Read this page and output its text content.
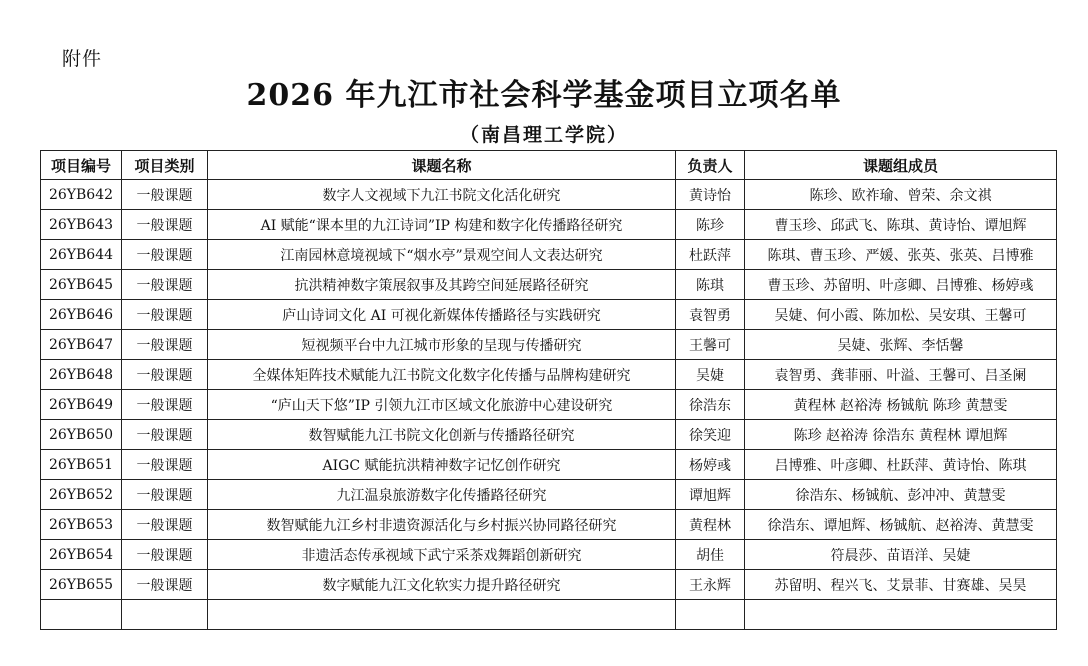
附件
2026 年九江市社会科学基金项目立项名单
（南昌理工学院）
项目编号	项目类别	课题名称	负责人	课题组成员
26YB642	一般课题	数字人文视域下九江书院文化活化研究	黄诗怡	陈珍、欧祚瑜、曾荣、余文祺
26YB643	一般课题	AI 赋能“课本里的九江诗词”IP 构建和数字化传播路径研究	陈珍	曹玉珍、邱武飞、陈琪、黄诗怡、谭旭辉
26YB644	一般课题	江南园林意境视域下“烟水亭”景观空间人文表达研究	杜跃萍	陈琪、曹玉珍、严媛、张英、张英、吕博雅
26YB645	一般课题	抗洪精神数字策展叙事及其跨空间延展路径研究	陈琪	曹玉珍、苏留明、叶彦卿、吕博雅、杨婷彧
26YB646	一般课题	庐山诗词文化 AI 可视化新媒体传播路径与实践研究	袁智勇	吴婕、何小霞、陈加松、吴安琪、王馨可
26YB647	一般课题	短视频平台中九江城市形象的呈现与传播研究	王馨可	吴婕、张辉、李恬馨
26YB648	一般课题	全媒体矩阵技术赋能九江书院文化数字化传播与品牌构建研究	吴婕	袁智勇、龚菲丽、叶溢、王馨可、吕圣阑
26YB649	一般课题	“庐山天下悠”IP 引领九江市区域文化旅游中心建设研究	徐浩东	黄程林 赵裕涛 杨铖航 陈珍 黄慧雯
26YB650	一般课题	数智赋能九江书院文化创新与传播路径研究	徐笑迎	陈珍 赵裕涛 徐浩东 黄程林 谭旭辉
26YB651	一般课题	AIGC 赋能抗洪精神数字记忆创作研究	杨婷彧	吕博雅、叶彦卿、杜跃萍、黄诗怡、陈琪
26YB652	一般课题	九江温泉旅游数字化传播路径研究	谭旭辉	徐浩东、杨铖航、彭冲冲、黄慧雯
26YB653	一般课题	数智赋能九江乡村非遗资源活化与乡村振兴协同路径研究	黄程林	徐浩东、谭旭辉、杨铖航、赵裕涛、黄慧雯
26YB654	一般课题	非遗活态传承视域下武宁采茶戏舞蹈创新研究	胡佳	符晨莎、苗语洋、吴婕
26YB655	一般课题	数字赋能九江文化软实力提升路径研究	王永辉	苏留明、程兴飞、艾景菲、甘赛雄、吴昊
